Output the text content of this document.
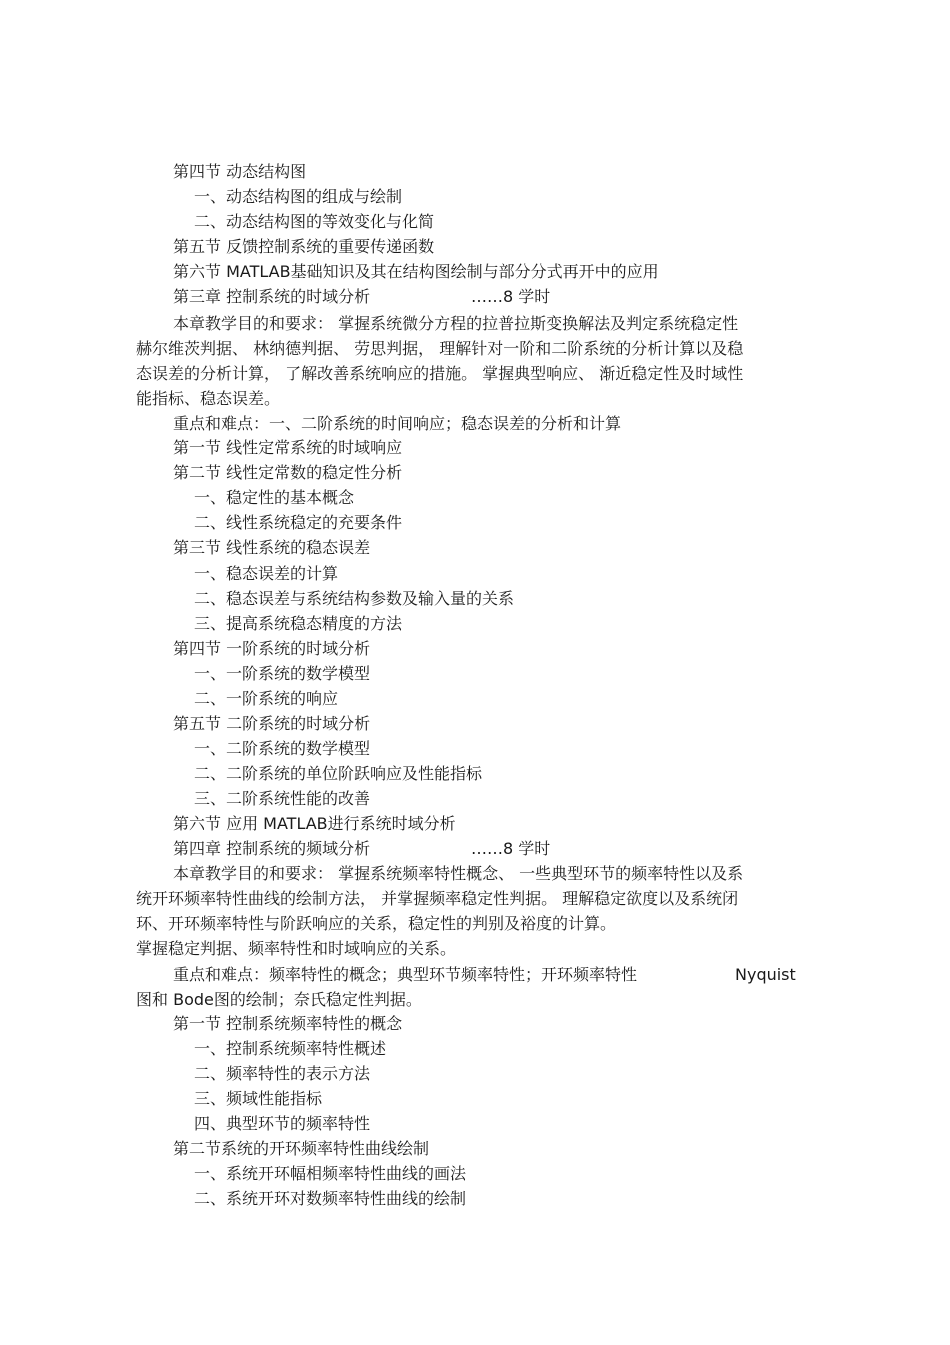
第四节 动态结构图
一、动态结构图的组成与绘制
二、动态结构图的等效变化与化简
第五节 反馈控制系统的重要传递函数
第六节 MATLAB基础知识及其在结构图绘制与部分分式再开中的应用
第三章 控制系统的时域分析	……8 学时
本章教学目的和要求： 掌握系统微分方程的拉普拉斯变换解法及判定系统稳定性
赫尔维茨判据、 林纳德判据、 劳思判据， 理解针对一阶和二阶系统的分析计算以及稳
态误差的分析计算， 了解改善系统响应的措施。 掌握典型响应、 渐近稳定性及时域性
能指标、稳态误差。
重点和难点：一、二阶系统的时间响应；稳态误差的分析和计算
第一节 线性定常系统的时域响应
第二节 线性定常数的稳定性分析
一、稳定性的基本概念
二、线性系统稳定的充要条件
第三节 线性系统的稳态误差
一、稳态误差的计算
二、稳态误差与系统结构参数及输入量的关系
三、提高系统稳态精度的方法
第四节 一阶系统的时域分析
一、一阶系统的数学模型
二、一阶系统的响应
第五节 二阶系统的时域分析
一、二阶系统的数学模型
二、二阶系统的单位阶跃响应及性能指标
三、二阶系统性能的改善
第六节 应用 MATLAB进行系统时域分析
第四章 控制系统的频域分析	……8 学时
本章教学目的和要求： 掌握系统频率特性概念、 一些典型环节的频率特性以及系
统开环频率特性曲线的绘制方法， 并掌握频率稳定性判据。 理解稳定欲度以及系统闭
环、开环频率特性与阶跃响应的关系，稳定性的判别及裕度的计算。
掌握稳定判据、频率特性和时域响应的关系。
重点和难点：频率特性的概念；典型环节频率特性；开环频率特性	Nyquist
图和 Bode图的绘制；奈氏稳定性判据。
第一节 控制系统频率特性的概念
一、控制系统频率特性概述
二、频率特性的表示方法
三、频域性能指标
四、典型环节的频率特性
第二节系统的开环频率特性曲线绘制
一、系统开环幅相频率特性曲线的画法
二、系统开环对数频率特性曲线的绘制
